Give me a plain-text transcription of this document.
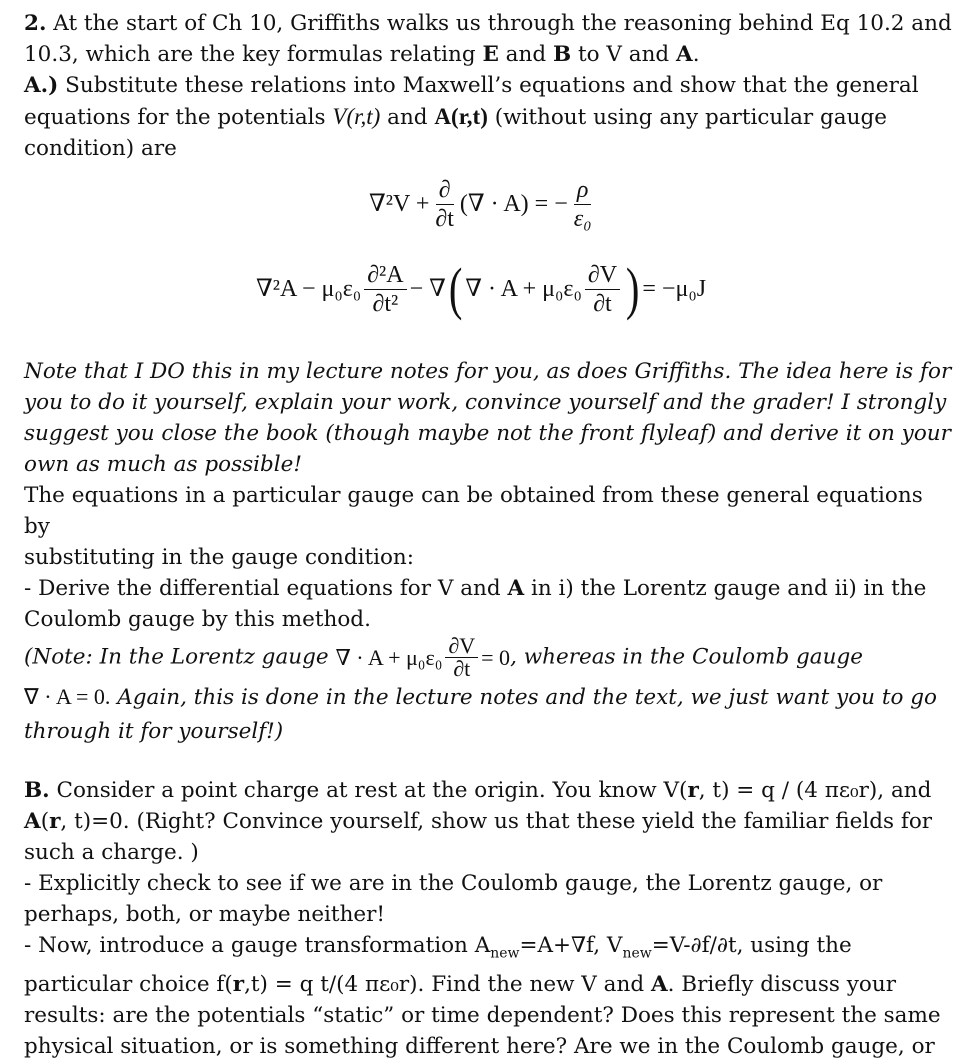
2. At the start of Ch 10, Griffiths walks us through the reasoning behind Eq 10.2 and
10.3, which are the key formulas relating E and B to V and A.
A.) Substitute these relations into Maxwell’s equations and show that the general
equations for the potentials V(r,t) and A(r,t) (without using any particular gauge
condition) are

$\nabla^2V + \frac{\partial}{\partial t}$ (∇ · A) = − $\frac{\rho}{\text{ε₀}}$
$\nabla^2A - \mu_0\varepsilon_0 \frac{\text{∂²A}}{\text{∂t²}}$ − ∇ ( ∇ · $A + \mu_0\varepsilon_0 \frac{\partial V}{\partial t}$ ) = −μ₀J

Note that I DO this in my lecture notes for you, as does Griffiths. The idea here is for
you to do it yourself, explain your work, convince yourself and the grader! I strongly
suggest you close the book (though maybe not the front flyleaf) and derive it on your
own as much as possible!

The equations in a particular gauge can be obtained from these general equations by
substituting in the gauge condition:
- Derive the differential equations for V and A in i) the Lorentz gauge and ii) in the
Coulomb gauge by this method.

(Note: In the Lorentz gauge ∇ · $A + \mu_0\varepsilon_0 \frac{\partial V}{\partial t} = 0$ , whereas in the Coulomb gauge
∇ · A = 0. Again, this is done in the lecture notes and the text, we just want you to go
through it for yourself!)

B. Consider a point charge at rest at the origin. You know V(r, t) = q / (4 πε₀r), and
A(r, t)=0. (Right? Convince yourself, show us that these yield the familiar fields for
such a charge. )
- Explicitly check to see if we are in the Coulomb gauge, the Lorentz gauge, or
perhaps, both, or maybe neither!
- Now, introduce a gauge transformation $A_{new}=A+\nabla f$, $V_{new}=V-\partial f/\partial t$, using the
particular choice f(r,t) = q t/(4 πε₀r). Find the new V and A. Briefly discuss your
results: are the potentials “static” or time dependent? Does this represent the same
physical situation, or is something different here? Are we in the Coulomb gauge, or
